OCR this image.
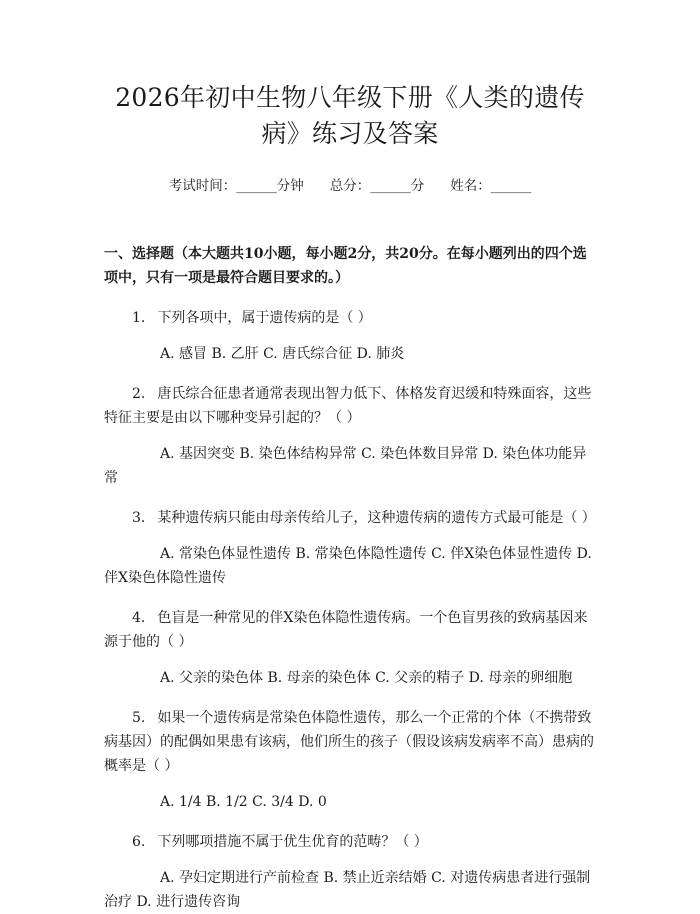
2026年初中生物八年级下册《人类的遗传
病》练习及答案
考试时间：______分钟 总分：______分 姓名：______
一、选择题（本大题共10小题，每小题2分，共20分。在每小题列出的四个选项中，只有一项是最符合题目要求的。）

1. 下列各项中，属于遗传病的是（ ）

A. 感冒 B. 乙肝 C. 唐氏综合征 D. 肺炎

2. 唐氏综合征患者通常表现出智力低下、体格发育迟缓和特殊面容，这些特征主要是由以下哪种变异引起的？（ ）

A. 基因突变 B. 染色体结构异常 C. 染色体数目异常 D. 染色体功能异常

3. 某种遗传病只能由母亲传给儿子，这种遗传病的遗传方式最可能是（ ）

A. 常染色体显性遗传 B. 常染色体隐性遗传 C. 伴X染色体显性遗传 D. 伴X染色体隐性遗传

4. 色盲是一种常见的伴X染色体隐性遗传病。一个色盲男孩的致病基因来源于他的（ ）

A. 父亲的染色体 B. 母亲的染色体 C. 父亲的精子 D. 母亲的卵细胞

5. 如果一个遗传病是常染色体隐性遗传，那么一个正常的个体（不携带致病基因）的配偶如果患有该病，他们所生的孩子（假设该病发病率不高）患病的概率是（ ）

A. 1/4 B. 1/2 C. 3/4 D. 0

6. 下列哪项措施不属于优生优育的范畴？（ ）

A. 孕妇定期进行产前检查 B. 禁止近亲结婚 C. 对遗传病患者进行强制治疗 D. 进行遗传咨询
